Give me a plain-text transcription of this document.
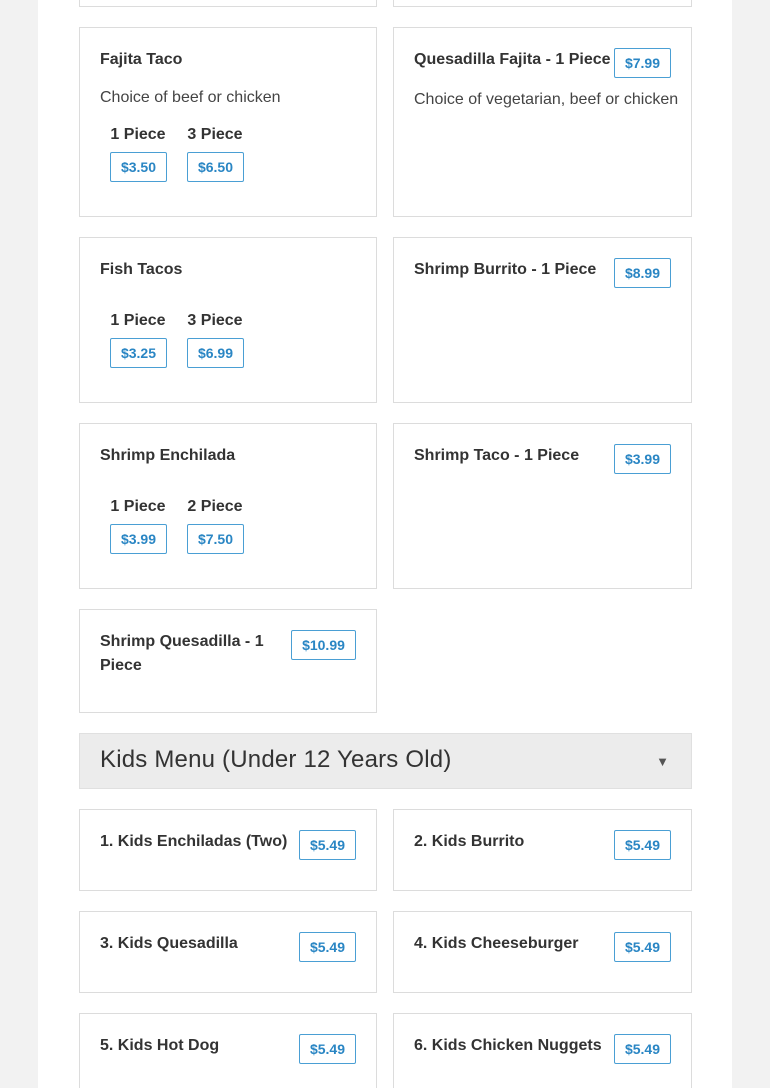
Fajita Taco
Choice of beef or chicken
1 Piece
$3.50
3 Piece
$6.50
Quesadilla Fajita - 1 Piece	$7.99
Choice of vegetarian, beef or chicken
Fish Tacos
1 Piece
$3.25
3 Piece
$6.99
Shrimp Burrito - 1 Piece	$8.99
Shrimp Enchilada
1 Piece
$3.99
2 Piece
$7.50
Shrimp Taco - 1 Piece	$3.99
Shrimp Quesadilla - 1
Piece
$10.99
Kids Menu (Under 12 Years Old)	▼
1. Kids Enchiladas (Two)	$5.49	2. Kids Burrito	$5.49
3. Kids Quesadilla	$5.49	4. Kids Cheeseburger	$5.49
5. Kids Hot Dog	$5.49	6. Kids Chicken Nuggets	$5.49
